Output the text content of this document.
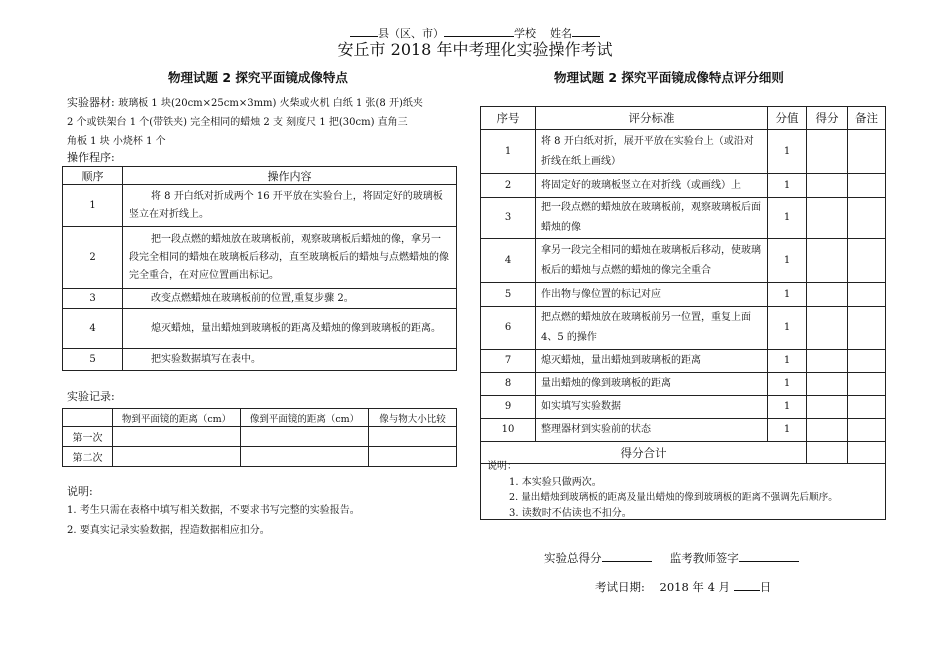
县（区、市）	学校 姓名
安丘市 2018 年中考理化实验操作考试
物理试题 2 探究平面镜成像特点
实验器材: 玻璃板 1 块(20cm×25cm×3mm) 火柴或火机 白纸 1 张(8 开)纸夹
2 个或铁架台 1 个(带铁夹) 完全相同的蜡烛 2 支 刻度尺 1 把(30cm) 直角三
角板 1 块 小烧杯 1 个
操作程序:
顺序	操作内容
1	将 8 开白纸对折成两个 16 开平放在实验台上，将固定好的玻璃板竖立在对折线上。
2	把一段点燃的蜡烛放在玻璃板前，观察玻璃板后蜡烛的像，拿另一段完全相同的蜡烛在玻璃板后移动，直至玻璃板后的蜡烛与点燃蜡烛的像完全重合，在对应位置画出标记。
3	改变点燃蜡烛在玻璃板前的位置,重复步骤 2。
4	熄灭蜡烛，量出蜡烛到玻璃板的距离及蜡烛的像到玻璃板的距离。
5	把实验数据填写在表中。
实验记录:
	物到平面镜的距离（cm）	像到平面镜的距离（cm）	像与物大小比较
第一次			
第二次			
说明:
1. 考生只需在表格中填写相关数据，不要求书写完整的实验报告。
2. 要真实记录实验数据，捏造数据相应扣分。
物理试题 2 探究平面镜成像特点评分细则
序号	评分标准	分值	得分	备注
1	将 8 开白纸对折，展开平放在实验台上（或沿对折线在纸上画线）	1		
2	将固定好的玻璃板竖立在对折线（或画线）上	1		
3	把一段点燃的蜡烛放在玻璃板前，观察玻璃板后面蜡烛的像	1		
4	拿另一段完全相同的蜡烛在玻璃板后移动，使玻璃板后的蜡烛与点燃的蜡烛的像完全重合	1		
5	作出物与像位置的标记对应	1		
6	把点燃的蜡烛放在玻璃板前另一位置，重复上面 4、5 的操作	1		
7	熄灭蜡烛，量出蜡烛到玻璃板的距离	1		
8	量出蜡烛的像到玻璃板的距离	1		
9	如实填写实验数据	1		
10	整理器材到实验前的状态	1		
得分合计				
说明：
1. 本实验只做两次。
2. 量出蜡烛到玻璃板的距离及量出蜡烛的像到玻璃板的距离不强调先后顺序。
3. 读数时不估读也不扣分。
实验总得分	监考教师签字
考试日期: 2018 年 4 月	日
